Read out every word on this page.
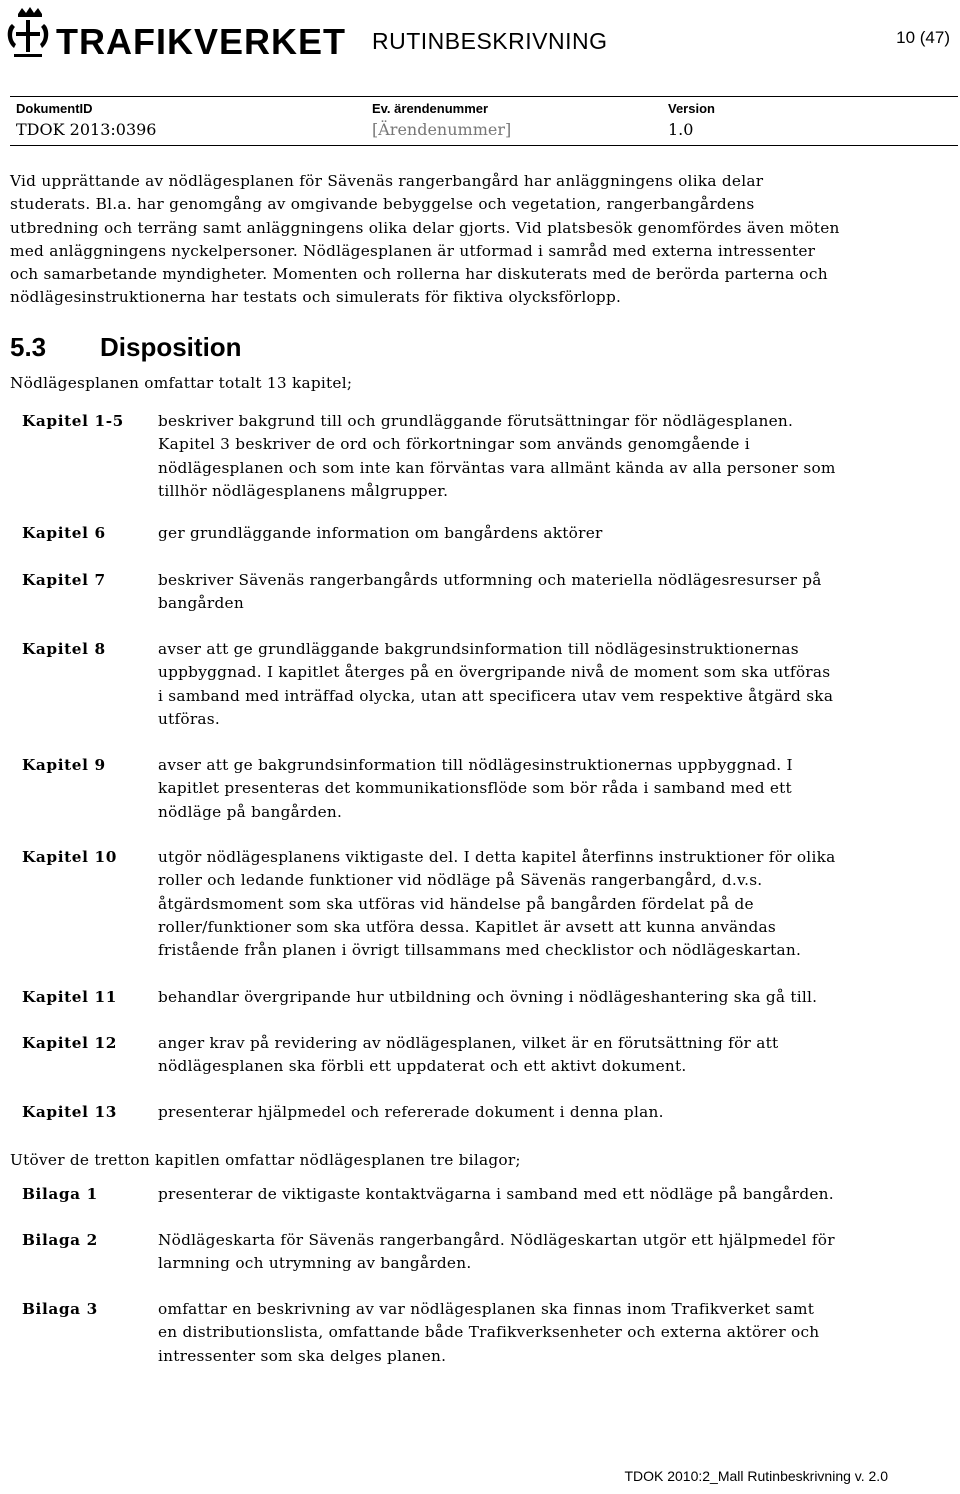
TRAFIKVERKET RUTINBESKRIVNING	10 (47)
DokumentID
TDOK 2013:0396
Ev. ärendenummer
[Ärendenummer]
Version
1.0
Vid upprättande av nödlägesplanen för Sävenäs rangerbangård har anläggningens olika delar
studerats. Bl.a. har genomgång av omgivande bebyggelse och vegetation, rangerbangårdens
utbredning och terräng samt anläggningens olika delar gjorts. Vid platsbesök genomfördes även möten
med anläggningens nyckelpersoner. Nödlägesplanen är utformad i samråd med externa intressenter
och samarbetande myndigheter. Momenten och rollerna har diskuterats med de berörda parterna och
nödlägesinstruktionerna har testats och simulerats för fiktiva olycksförlopp.
5.3 Disposition
Nödlägesplanen omfattar totalt 13 kapitel;
Kapitel 1-5 beskriver bakgrund till och grundläggande förutsättningar för nödlägesplanen.
Kapitel 3 beskriver de ord och förkortningar som används genomgående i
nödlägesplanen och som inte kan förväntas vara allmänt kända av alla personer som
tillhör nödlägesplanens målgrupper.
Kapitel 6	ger grundläggande information om bangårdens aktörer
Kapitel 7	beskriver Sävenäs rangerbangårds utformning och materiella nödlägesresurser på
bangården
Kapitel 8	avser att ge grundläggande bakgrundsinformation till nödlägesinstruktionernas
uppbyggnad. I kapitlet återges på en övergripande nivå de moment som ska utföras
i samband med inträffad olycka, utan att specificera utav vem respektive åtgärd ska
utföras.
Kapitel 9	avser att ge bakgrundsinformation till nödlägesinstruktionernas uppbyggnad. I
kapitlet presenteras det kommunikationsflöde som bör råda i samband med ett
nödläge på bangården.
Kapitel 10	utgör nödlägesplanens viktigaste del. I detta kapitel återfinns instruktioner för olika
roller och ledande funktioner vid nödläge på Sävenäs rangerbangård, d.v.s.
åtgärdsmoment som ska utföras vid händelse på bangården fördelat på de
roller/funktioner som ska utföra dessa. Kapitlet är avsett att kunna användas
fristående från planen i övrigt tillsammans med checklistor och nödlägeskartan.
Kapitel 11	behandlar övergripande hur utbildning och övning i nödlägeshantering ska gå till.
Kapitel 12	anger krav på revidering av nödlägesplanen, vilket är en förutsättning för att
nödlägesplanen ska förbli ett uppdaterat och ett aktivt dokument.
Kapitel 13	presenterar hjälpmedel och refererade dokument i denna plan.
Utöver de tretton kapitlen omfattar nödlägesplanen tre bilagor;
Bilaga 1	presenterar de viktigaste kontaktvägarna i samband med ett nödläge på bangården.
Bilaga 2	Nödlägeskarta för Sävenäs rangerbangård. Nödlägeskartan utgör ett hjälpmedel för
larmning och utrymning av bangården.
Bilaga 3	omfattar en beskrivning av var nödlägesplanen ska finnas inom Trafikverket samt
en distributionslista, omfattande både Trafikverksenheter och externa aktörer och
intressenter som ska delges planen.
TDOK 2010:2_Mall Rutinbeskrivning v. 2.0
